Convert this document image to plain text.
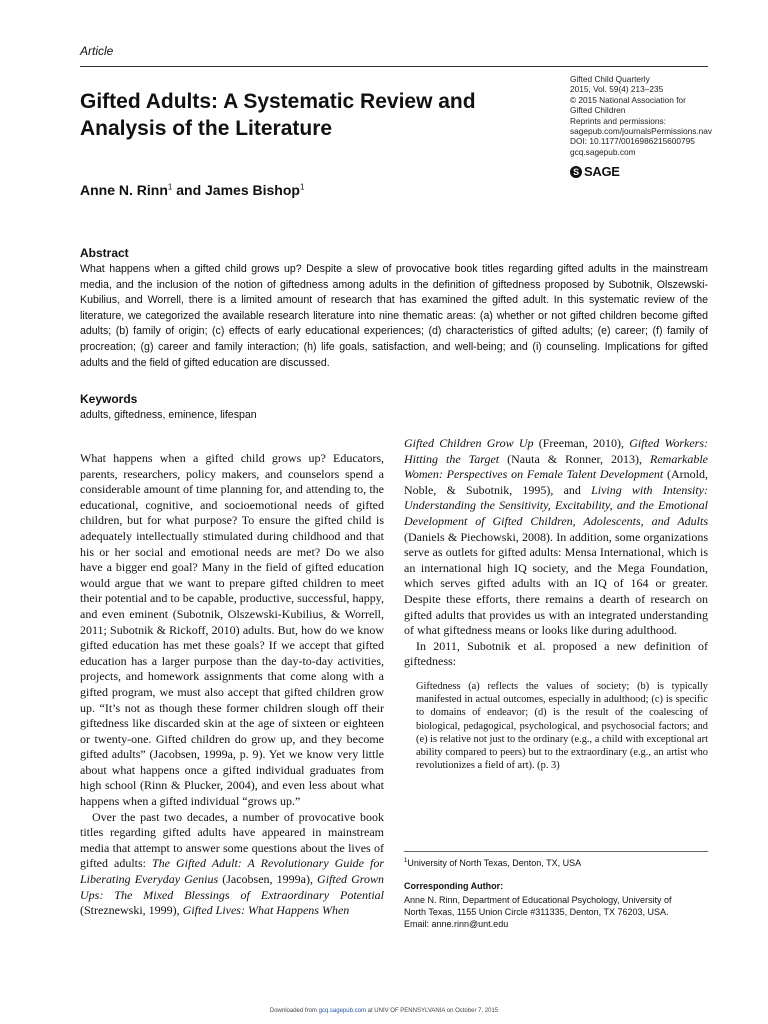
Article
Gifted Adults: A Systematic Review and Analysis of the Literature
Gifted Child Quarterly
2015, Vol. 59(4) 213–235
© 2015 National Association for
Gifted Children
Reprints and permissions:
sagepub.com/journalsPermissions.nav
DOI: 10.1177/0016986215600795
gcq.sagepub.com
S SAGE
Anne N. Rinn$^1$ and James Bishop$^1$
Abstract
What happens when a gifted child grows up? Despite a slew of provocative book titles regarding gifted adults in the mainstream media, and the inclusion of the notion of giftedness among adults in the definition of giftedness proposed by Subotnik, Olszewski-Kubilius, and Worrell, there is a limited amount of research that has examined the gifted adult. In this systematic review of the literature, we categorized the available research literature into nine thematic areas: (a) whether or not gifted children become gifted adults; (b) family of origin; (c) effects of early educational experiences; (d) characteristics of gifted adults; (e) career; (f) family of procreation; (g) career and family interaction; (h) life goals, satisfaction, and well-being; and (i) counseling. Implications for gifted adults and the field of gifted education are discussed.
Keywords
adults, giftedness, eminence, lifespan

What happens when a gifted child grows up? Educators, parents, researchers, policy makers, and counselors spend a considerable amount of time planning for, and attending to, the educational, cognitive, and socioemotional needs of gifted children, but for what purpose? To ensure the gifted child is adequately intellectually stimulated during childhood and that his or her social and emotional needs are met? Do we also have a bigger end goal? Many in the field of gifted education would argue that we want to prepare gifted children to meet their potential and to be capable, productive, successful, happy, and even eminent (Subotnik, Olszewski-Kubilius, & Worrell, 2011; Subotnik & Rickoff, 2010) adults. But, how do we know gifted education has met these goals? If we accept that gifted education has a larger purpose than the day-to-day activities, projects, and homework assignments that come along with a gifted program, we must also accept that gifted children grow up. “It’s not as though these former children slough off their giftedness like discarded skin at the age of sixteen or eighteen or twenty-one. Gifted children do grow up, and they become gifted adults” (Jacobsen, 1999a, p. 9). Yet we know very little about what happens once a gifted individual graduates from high school (Rinn & Plucker, 2004), and even less about what happens when a gifted individual “grows up.”

Over the past two decades, a number of provocative book titles regarding gifted adults have appeared in mainstream media that attempt to answer some questions about the lives of gifted adults: The Gifted Adult: A Revolutionary Guide for Liberating Everyday Genius (Jacobsen, 1999a), Gifted Grown Ups: The Mixed Blessings of Extraordinary Potential (Streznewski, 1999), Gifted Lives: What Happens When

Gifted Children Grow Up (Freeman, 2010), Gifted Workers: Hitting the Target (Nauta & Ronner, 2013), Remarkable Women: Perspectives on Female Talent Development (Arnold, Noble, & Subotnik, 1995), and Living with Intensity: Understanding the Sensitivity, Excitability, and the Emotional Development of Gifted Children, Adolescents, and Adults (Daniels & Piechowski, 2008). In addition, some organizations serve as outlets for gifted adults: Mensa International, which is an international high IQ society, and the Mega Foundation, which serves gifted adults with an IQ of 164 or greater. Despite these efforts, there remains a dearth of research on gifted adults that provides us with an integrated understanding of what giftedness means or looks like during adulthood.

In 2011, Subotnik et al. proposed a new definition of giftedness:

Giftedness (a) reflects the values of society; (b) is typically manifested in actual outcomes, especially in adulthood; (c) is specific to domains of endeavor; (d) is the result of the coalescing of biological, pedagogical, psychological, and psychosocial factors; and (e) is relative not just to the ordinary (e.g., a child with exceptional art ability compared to peers) but to the extraordinary (e.g., an artist who revolutionizes a field of art). (p. 3)

$^1$University of North Texas, Denton, TX, USA
Corresponding Author:
Anne N. Rinn, Department of Educational Psychology, University of
North Texas, 1155 Union Circle #311335, Denton, TX 76203, USA.
Email: anne.rinn@unt.edu
Downloaded from gcq.sagepub.com at UNIV OF PENNSYLVANIA on October 7, 2015
